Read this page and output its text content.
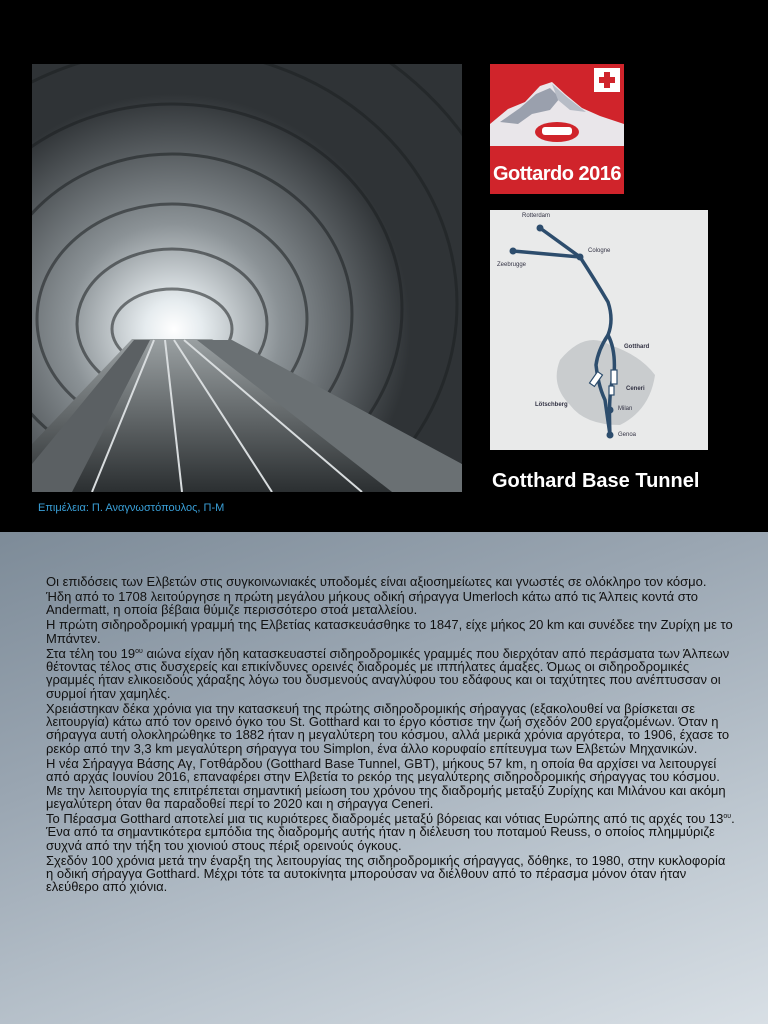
Επιμέλεια: Π. Αναγνωστόπουλος, Π-Μ
Gottardo 2016
Rotterdam
Zeebrugge
Cologne
Gotthard
Ceneri
Lötschberg
Milan
Genoa
Gotthard Base Tunnel

Οι επιδόσεις των Ελβετών στις συγκοινωνιακές υποδομές είναι αξιοσημείωτες και γνωστές σε ολόκληρο τον κόσμο.

Ήδη από το 1708 λειτούργησε η πρώτη μεγάλου μήκους οδική σήραγγα Umerloch κάτω από τις Άλπεις κοντά στο Andermatt, η οποία βέβαια θύμιζε περισσότερο στοά μεταλλείου.

Η πρώτη σιδηροδρομική γραμμή της Ελβετίας κατασκευάσθηκε το 1847, είχε μήκος 20 km και συνέδεε την Ζυρίχη με το Μπάντεν.

Στα τέλη του $19^{o\upsilon}$ αιώνα είχαν ήδη κατασκευαστεί σιδηροδρομικές γραμμές που διερχόταν από περάσματα των Άλπεων θέτοντας τέλος στις δυσχερείς και επικίνδυνες ορεινές διαδρομές με ιππήλατες άμαξες. Όμως οι σιδηροδρομικές γραμμές ήταν ελικοειδούς χάραξης λόγω του δυσμενούς αναγλύφου του εδάφους και οι ταχύτητες που ανέπτυσσαν οι συρμοί ήταν χαμηλές.

Χρειάστηκαν δέκα χρόνια για την κατασκευή της πρώτης σιδηροδρομικής σήραγγας (εξακολουθεί να βρίσκεται σε λειτουργία) κάτω από τον ορεινό όγκο του St. Gotthard και το έργο κόστισε την ζωή σχεδόν 200 εργαζομένων. Όταν η σήραγγα αυτή ολοκληρώθηκε το 1882 ήταν η μεγαλύτερη του κόσμου, αλλά μερικά χρόνια αργότερα, το 1906, έχασε το ρεκόρ από την 3,3 km μεγαλύτερη σήραγγα του Simplon, ένα άλλο κορυφαίο επίτευγμα των Ελβετών Μηχανικών.

Η νέα Σήραγγα Βάσης Αγ, Γοτθάρδου (Gotthard Base Tunnel, GBT), μήκους 57 km, η οποία θα αρχίσει να λειτουργεί από αρχάς Ιουνίου 2016, επαναφέρει στην Ελβετία το ρεκόρ της μεγαλύτερης σιδηροδρομικής σήραγγας του κόσμου. Με την λειτουργία της επιτρέπεται σημαντική μείωση του χρόνου της διαδρομής μεταξύ Ζυρίχης και Μιλάνου και ακόμη μεγαλύτερη όταν θα παραδοθεί περί το 2020 και η σήραγγα Ceneri.

Το Πέρασμα Gotthard αποτελεί μια τις κυριότερες διαδρομές μεταξύ βόρειας και νότιας Ευρώπης από τις αρχές του $13^{o\upsilon}$. Ένα από τα σημαντικότερα εμπόδια της διαδρομής αυτής ήταν η διέλευση του ποταμού Reuss, ο οποίος πλημμύριζε συχνά από την τήξη του χιονιού στους πέριξ ορεινούς όγκους.

Σχεδόν 100 χρόνια μετά την έναρξη της λειτουργίας της σιδηροδρομικής σήραγγας, δόθηκε, το 1980, στην κυκλοφορία η οδική σήραγγα Gotthard. Μέχρι τότε τα αυτοκίνητα μπορούσαν να διέλθουν από το πέρασμα μόνον όταν ήταν ελεύθερο από χιόνια.
